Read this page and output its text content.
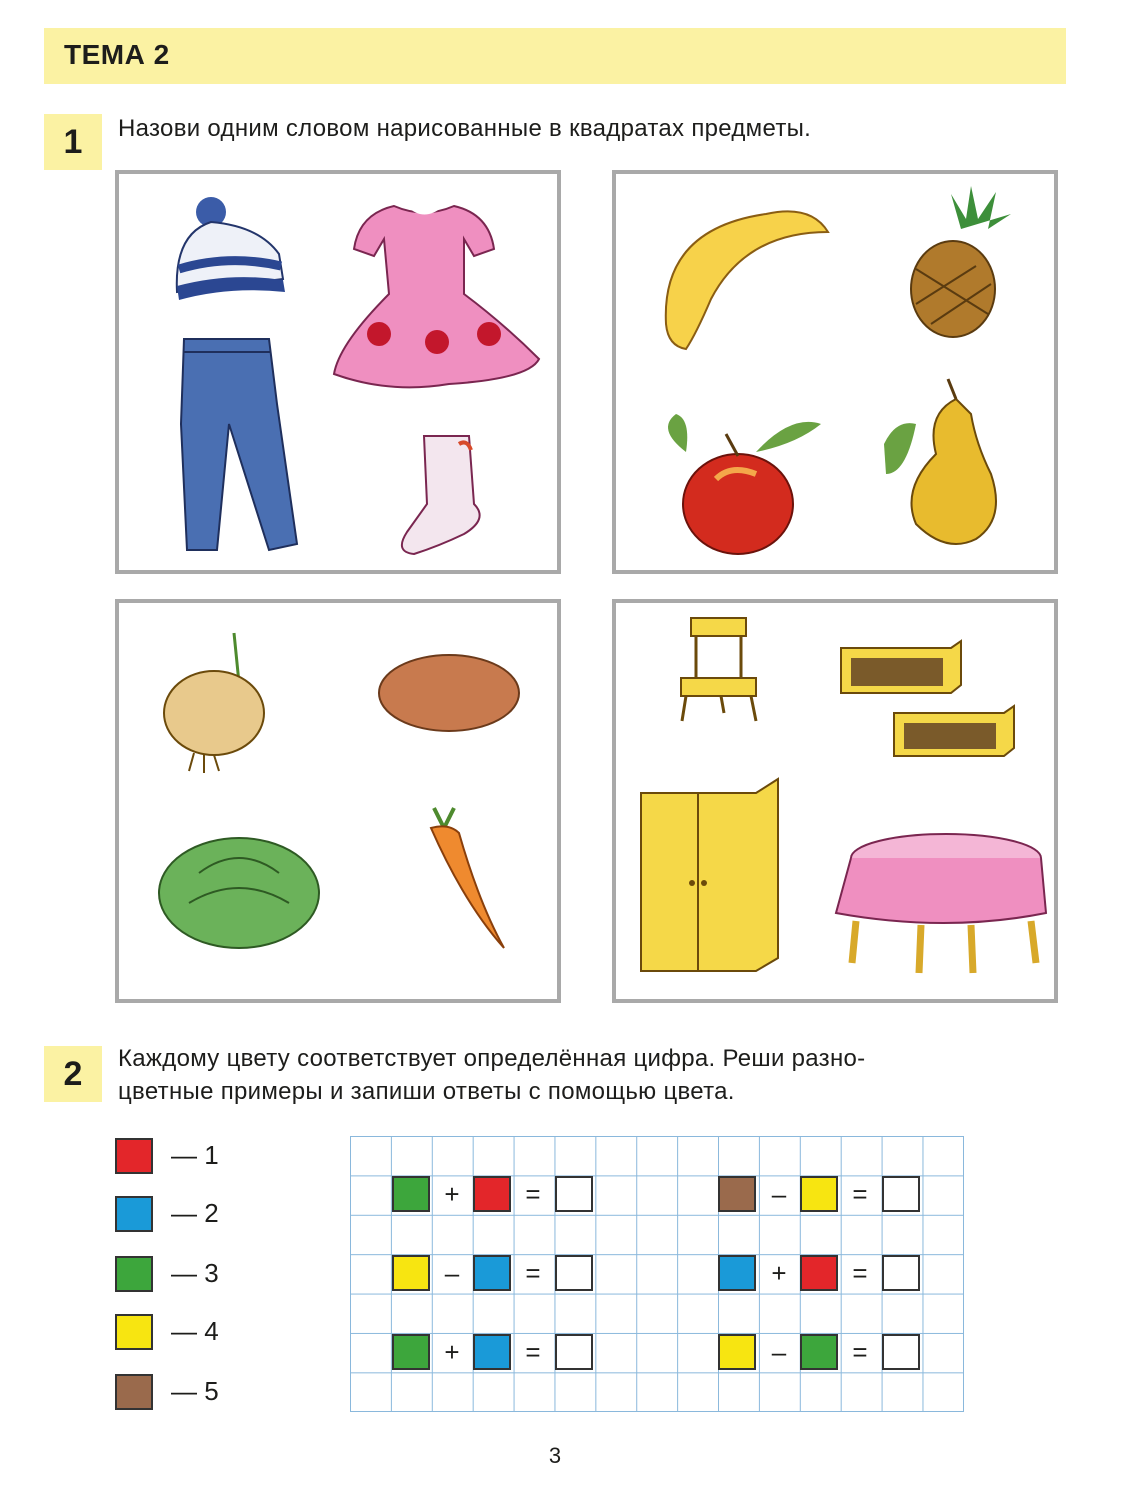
ТЕМА 2
1	Назови одним словом нарисованные в квадратах предметы.
2	Каждому цвету соответствует определённая цифра. Реши разно-
цветные примеры и запиши ответы с помощью цвета.
— 1
— 2
— 3
— 4
— 5
+	=	–	=
–	=	+	=
+	=	–	=
3
